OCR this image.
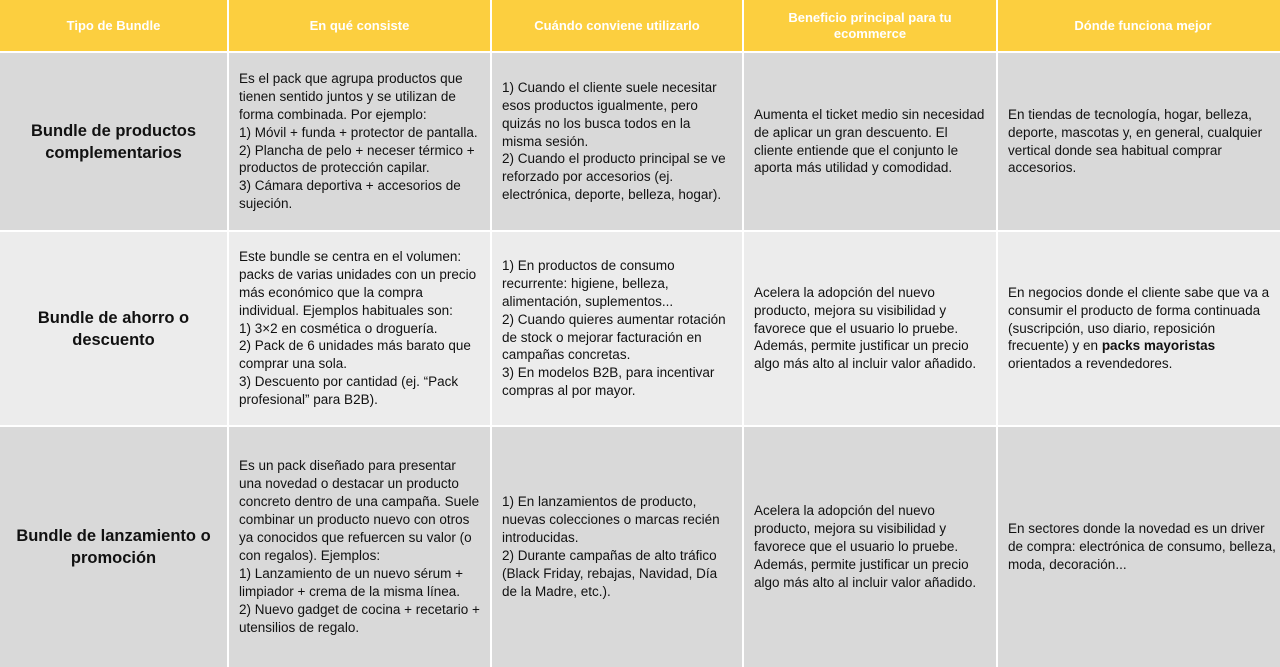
Tipo de Bundle	En qué consiste	Cuándo conviene utilizarlo
Beneficio principal para tu ecommerce
Dónde funciona mejor
Bundle de productos complementarios
Es el pack que agrupa productos que tienen sentido juntos y se utilizan de forma combinada. Por ejemplo:
1) Móvil + funda + protector de pantalla.
2) Plancha de pelo + neceser térmico + productos de protección capilar.
3) Cámara deportiva + accesorios de sujeción.
1) Cuando el cliente suele necesitar esos productos igualmente, pero quizás no los busca todos en la misma sesión.
2) Cuando el producto principal se ve reforzado por accesorios (ej. electrónica, deporte, belleza, hogar).
Aumenta el ticket medio sin necesidad de aplicar un gran descuento. El cliente entiende que el conjunto le aporta más utilidad y comodidad.
En tiendas de tecnología, hogar, belleza, deporte, mascotas y, en general, cualquier vertical donde sea habitual comprar accesorios.
Bundle de ahorro o descuento
Este bundle se centra en el volumen: packs de varias unidades con un precio más económico que la compra individual. Ejemplos habituales son:
1) 3×2 en cosmética o droguería.
2) Pack de 6 unidades más barato que comprar una sola.
3) Descuento por cantidad (ej. “Pack profesional” para B2B).
1) En productos de consumo recurrente: higiene, belleza, alimentación, suplementos...
2) Cuando quieres aumentar rotación de stock o mejorar facturación en campañas concretas.
3) En modelos B2B, para incentivar compras al por mayor.
Acelera la adopción del nuevo producto, mejora su visibilidad y favorece que el usuario lo pruebe. Además, permite justificar un precio algo más alto al incluir valor añadido.
En negocios donde el cliente sabe que va a consumir el producto de forma continuada (suscripción, uso diario, reposición frecuente) y en packs mayoristas orientados a revendedores.
Bundle de lanzamiento o promoción
Es un pack diseñado para presentar una novedad o destacar un producto concreto dentro de una campaña. Suele combinar un producto nuevo con otros ya conocidos que refuercen su valor (o con regalos). Ejemplos:
1) Lanzamiento de un nuevo sérum + limpiador + crema de la misma línea.
2) Nuevo gadget de cocina + recetario + utensilios de regalo.
1) En lanzamientos de producto, nuevas colecciones o marcas recién introducidas.
2) Durante campañas de alto tráfico (Black Friday, rebajas, Navidad, Día de la Madre, etc.).
Acelera la adopción del nuevo producto, mejora su visibilidad y favorece que el usuario lo pruebe. Además, permite justificar un precio algo más alto al incluir valor añadido.
En sectores donde la novedad es un driver de compra: electrónica de consumo, belleza, moda, decoración...
